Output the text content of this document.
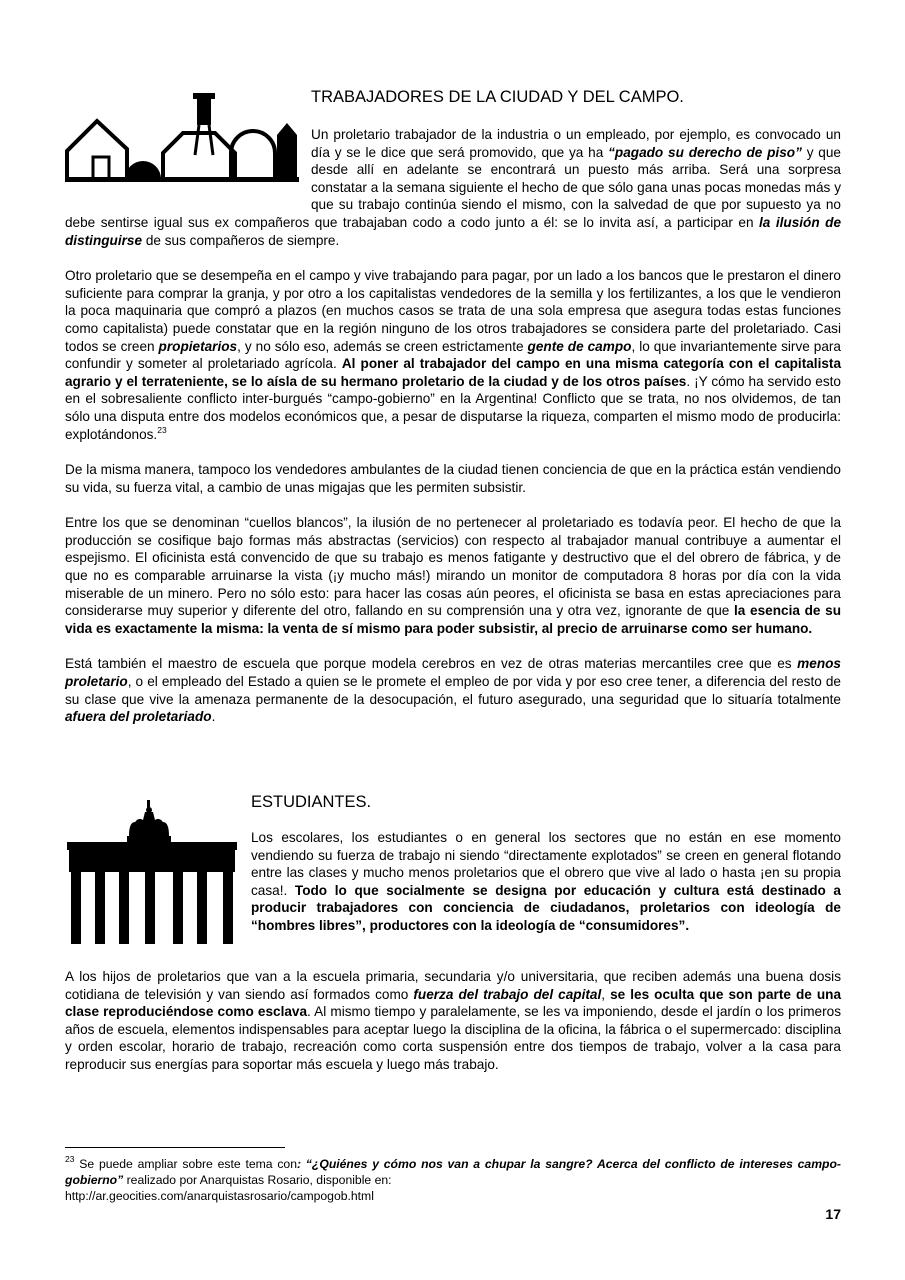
TRABAJADORES DE LA CIUDAD Y DEL CAMPO.

Un proletario trabajador de la industria o un empleado, por ejemplo, es convocado un día y se le dice que será promovido, que ya ha “pagado su derecho de piso” y que desde allí en adelante se encontrará un puesto más arriba. Será una sorpresa constatar a la semana siguiente el hecho de que sólo gana unas pocas monedas más y que su trabajo continúa siendo el mismo, con la salvedad de que por supuesto ya no debe sentirse igual sus ex compañeros que trabajaban codo a codo junto a él: se lo invita así, a participar en la ilusión de distinguirse de sus compañeros de siempre.

Otro proletario que se desempeña en el campo y vive trabajando para pagar, por un lado a los bancos que le prestaron el dinero suficiente para comprar la granja, y por otro a los capitalistas vendedores de la semilla y los fertilizantes, a los que le vendieron la poca maquinaria que compró a plazos (en muchos casos se trata de una sola empresa que asegura todas estas funciones como capitalista) puede constatar que en la región ninguno de los otros trabajadores se considera parte del proletariado. Casi todos se creen propietarios, y no sólo eso, además se creen estrictamente gente de campo, lo que invariantemente sirve para confundir y someter al proletariado agrícola. Al poner al trabajador del campo en una misma categoría con el capitalista agrario y el terrateniente, se lo aísla de su hermano proletario de la ciudad y de los otros países. ¡Y cómo ha servido esto en el sobresaliente conflicto inter-burgués “campo-gobierno” en la Argentina! Conflicto que se trata, no nos olvidemos, de tan sólo una disputa entre dos modelos económicos que, a pesar de disputarse la riqueza, comparten el mismo modo de producirla: explotándonos.$^{23}$

De la misma manera, tampoco los vendedores ambulantes de la ciudad tienen conciencia de que en la práctica están vendiendo su vida, su fuerza vital, a cambio de unas migajas que les permiten subsistir.

Entre los que se denominan “cuellos blancos”, la ilusión de no pertenecer al proletariado es todavía peor. El hecho de que la producción se cosifique bajo formas más abstractas (servicios) con respecto al trabajador manual contribuye a aumentar el espejismo. El oficinista está convencido de que su trabajo es menos fatigante y destructivo que el del obrero de fábrica, y de que no es comparable arruinarse la vista (¡y mucho más!) mirando un monitor de computadora 8 horas por día con la vida miserable de un minero. Pero no sólo esto: para hacer las cosas aún peores, el oficinista se basa en estas apreciaciones para considerarse muy superior y diferente del otro, fallando en su comprensión una y otra vez, ignorante de que la esencia de su vida es exactamente la misma: la venta de sí mismo para poder subsistir, al precio de arruinarse como ser humano.

Está también el maestro de escuela que porque modela cerebros en vez de otras materias mercantiles cree que es menos proletario, o el empleado del Estado a quien se le promete el empleo de por vida y por eso cree tener, a diferencia del resto de su clase que vive la amenaza permanente de la desocupación, el futuro asegurado, una seguridad que lo situaría totalmente afuera del proletariado.

ESTUDIANTES.

Los escolares, los estudiantes o en general los sectores que no están en ese momento vendiendo su fuerza de trabajo ni siendo “directamente explotados” se creen en general flotando entre las clases y mucho menos proletarios que el obrero que vive al lado o hasta ¡en su propia casa!. Todo lo que socialmente se designa por educación y cultura está destinado a producir trabajadores con conciencia de ciudadanos, proletarios con ideología de “hombres libres”, productores con la ideología de “consumidores”.

A los hijos de proletarios que van a la escuela primaria, secundaria y/o universitaria, que reciben además una buena dosis cotidiana de televisión y van siendo así formados como fuerza del trabajo del capital, se les oculta que son parte de una clase reproduciéndose como esclava. Al mismo tiempo y paralelamente, se les va imponiendo, desde el jardín o los primeros años de escuela, elementos indispensables para aceptar luego la disciplina de la oficina, la fábrica o el supermercado: disciplina y orden escolar, horario de trabajo, recreación como corta suspensión entre dos tiempos de trabajo, volver a la casa para reproducir sus energías para soportar más escuela y luego más trabajo.

$^{23}$ Se puede ampliar sobre este tema con: “¿Quiénes y cómo nos van a chupar la sangre? Acerca del conflicto de intereses campo-gobierno” realizado por Anarquistas Rosario, disponible en:
http://ar.geocities.com/anarquistasrosario/campogob.html
17
